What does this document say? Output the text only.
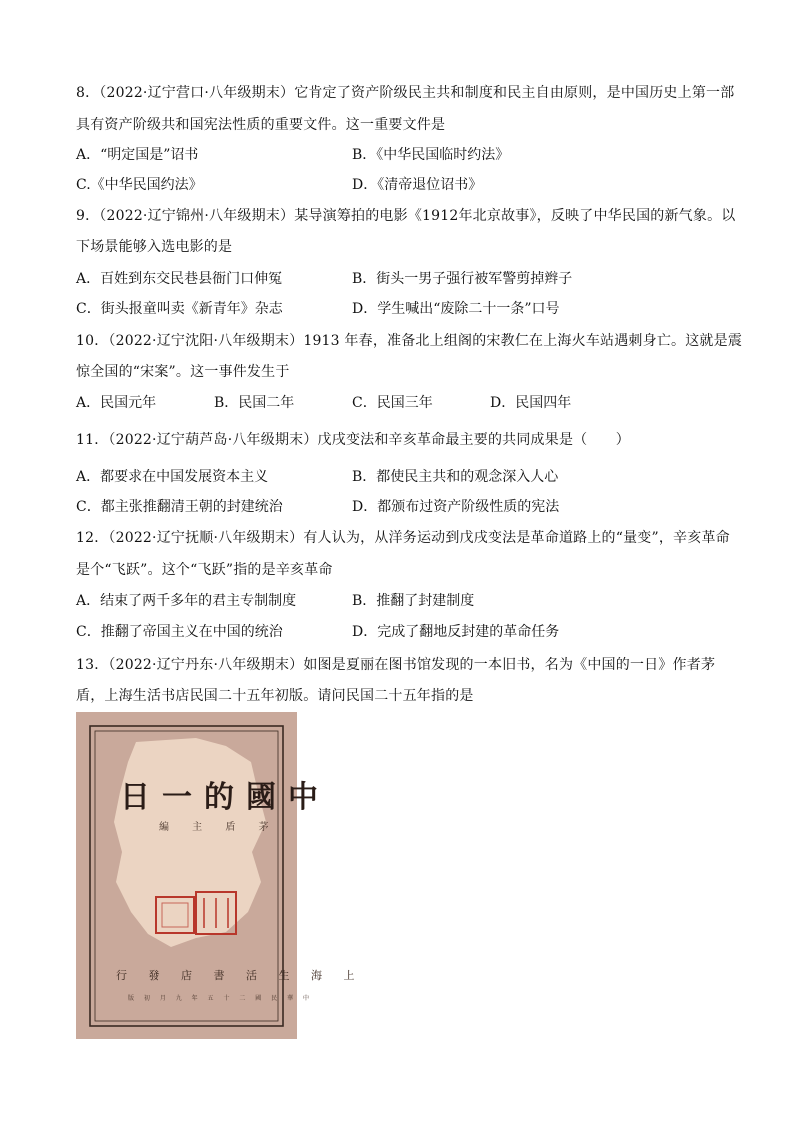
8．（2022·辽宁营口·八年级期末）它肯定了资产阶级民主共和制度和民主自由原则，是中国历史上第一部
具有资产阶级共和国宪法性质的重要文件。这一重要文件是
A．“明定国是”诏书	B．《中华民国临时约法》
C.《中华民国约法》	D．《清帝退位诏书》
9．（2022·辽宁锦州·八年级期末）某导演筹拍的电影《1912年北京故事》，反映了中华民国的新气象。以
下场景能够入选电影的是
A．百姓到东交民巷县衙门口伸冤	B．街头一男子强行被军警剪掉辫子
C．街头报童叫卖《新青年》杂志	D．学生喊出“废除二十一条”口号
10．（2022·辽宁沈阳·八年级期末）1913 年春，准备北上组阁的宋教仁在上海火车站遇刺身亡。这就是震
惊全国的“宋案”。这一事件发生于
A．民国元年	B．民国二年	C．民国三年	D．民国四年
11．（2022·辽宁葫芦岛·八年级期末）戊戌变法和辛亥革命最主要的共同成果是（　　）
A．都要求在中国发展资本主义	B．都使民主共和的观念深入人心
C．都主张推翻清王朝的封建统治	D．都颁布过资产阶级性质的宪法
12．（2022·辽宁抚顺·八年级期末）有人认为，从洋务运动到戊戌变法是革命道路上的“量变”，辛亥革命
是个“飞跃”。这个“飞跃”指的是辛亥革命
A．结束了两千多年的君主专制制度	B．推翻了封建制度
C．推翻了帝国主义在中国的统治	D．完成了翻地反封建的革命任务
13．（2022·辽宁丹东·八年级期末）如图是夏丽在图书馆发现的一本旧书，名为《中国的一日》作者茅
盾，上海生活书店民国二十五年初版。请问民国二十五年指的是
日一的國中
編 主 盾 茅
行 發 店 書 活 生 海 上
版 初 月 九 年 五 十 二 國 民 華 中
